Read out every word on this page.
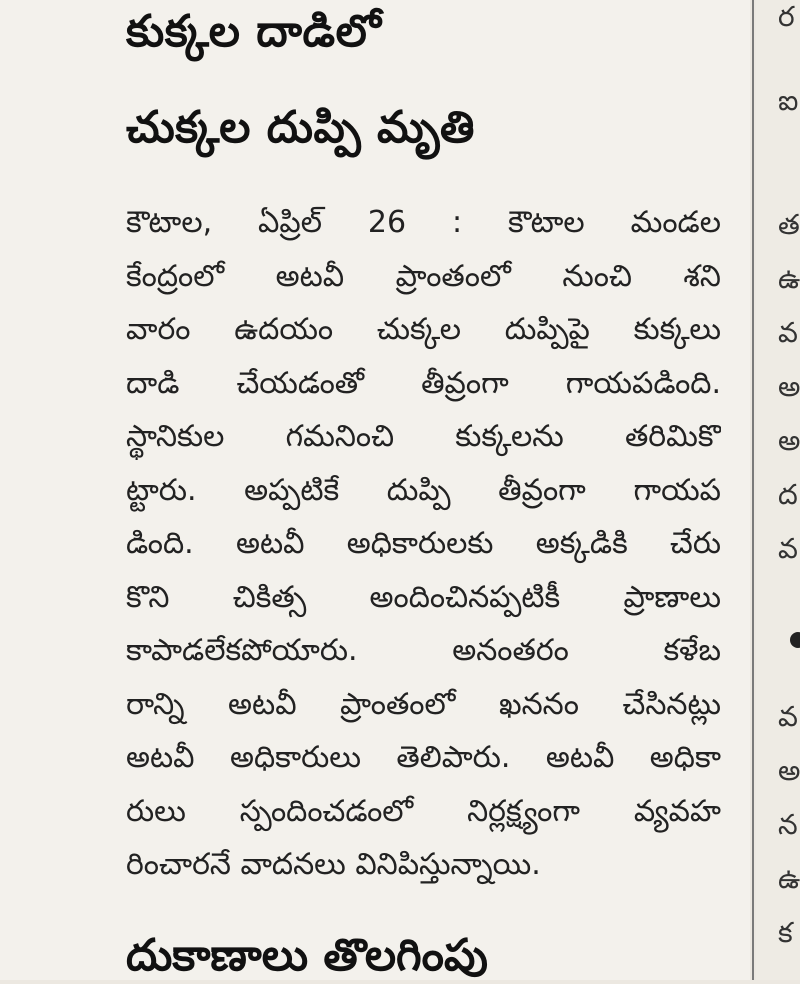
కుక్కల దాడిలో
చుక్కల దుప్పి మృతి
కౌటాల, ఏప్రిల్ 26 : కౌటాల మండల
కేంద్రంలో అటవీ ప్రాంతంలో నుంచి శని
వారం ఉదయం చుక్కల దుప్పిపై కుక్కలు
దాడి చేయడంతో తీవ్రంగా గాయపడింది.
స్థానికుల గమనించి కుక్కలను తరిమికొ
ట్టారు. అప్పటికే దుప్పి తీవ్రంగా గాయప
డింది. అటవీ అధికారులకు అక్కడికి చేరు
కొని చికిత్స అందించినప్పటికీ ప్రాణాలు
కాపాడలేకపోయారు. అనంతరం కళేబ
రాన్ని అటవీ ప్రాంతంలో ఖననం చేసినట్లు
అటవీ అధికారులు తెలిపారు. అటవీ అధికా
రులు స్పందించడంలో నిర్లక్ష్యంగా వ్యవహ
రించారనే వాదనలు వినిపిస్తున్నాయి.
దుకాణాలు తొలగింపు
ర
ఐ
త
ఉ
వ
అ
అ
ద
వ
వ
అ
న
ఉ
క
